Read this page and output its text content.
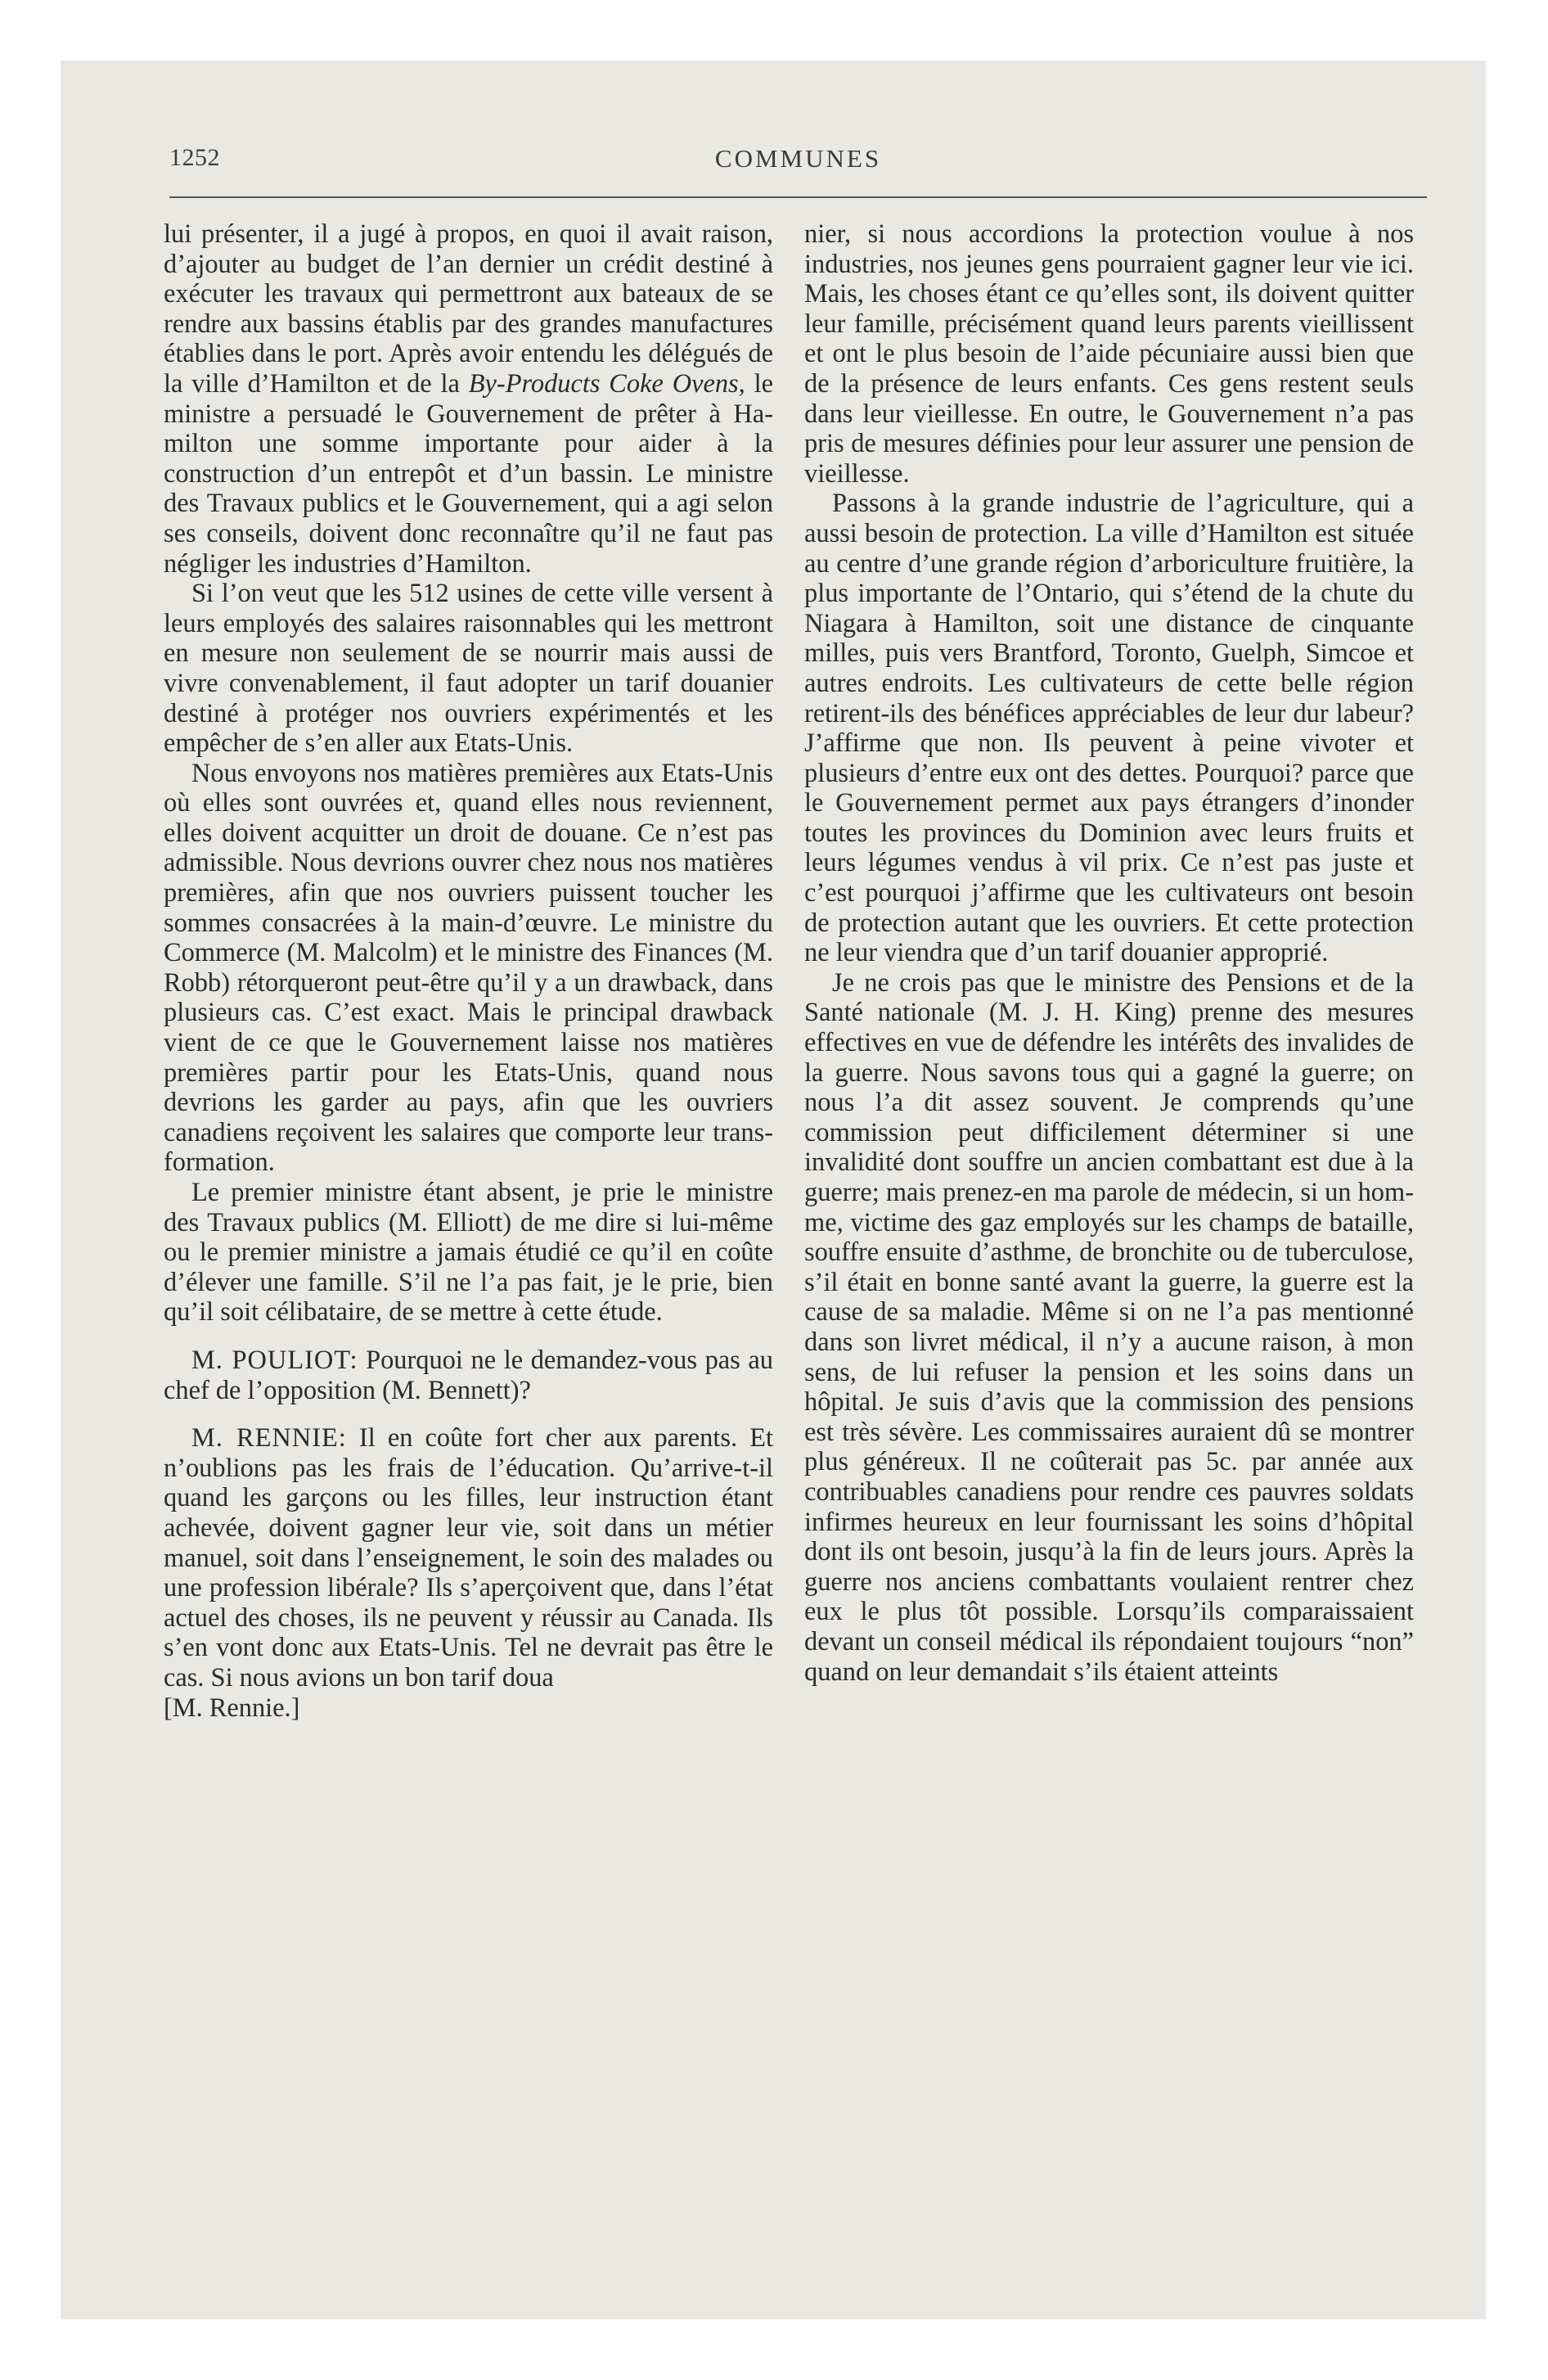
1252	COMMUNES

lui présenter, il a jugé à propos, en quoi il avait raison, d’ajouter au budget de l’an dernier un crédit destiné à exécuter les travaux qui permettront aux bateaux de se rendre aux bassins établis par des grandes manufactures établies dans le port. Après avoir entendu les délégués de la ville d’Hamilton et de la By-Products Coke Ovens, le ministre a persuadé le Gouvernement de prêter à Hamilton une somme importante pour aider à la construction d’un entrepôt et d’un bassin. Le ministre des Travaux publics et le Gouvernement, qui a agi selon ses conseils, doivent donc reconnaître qu’il ne faut pas négliger les industries d’Hamilton.

Si l’on veut que les 512 usines de cette ville versent à leurs employés des salaires raisonnables qui les mettront en mesure non seulement de se nourrir mais aussi de vivre convenablement, il faut adopter un tarif douanier destiné à protéger nos ouvriers expérimentés et les empêcher de s’en aller aux Etats-Unis.

Nous envoyons nos matières premières aux Etats-Unis où elles sont ouvrées et, quand elles nous reviennent, elles doivent acquitter un droit de douane. Ce n’est pas admissible. Nous devrions ouvrer chez nous nos matières premières, afin que nos ouvriers puissent toucher les sommes consacrées à la main-d’œuvre. Le ministre du Commerce (M. Malcolm) et le ministre des Finances (M. Robb) rétorqueront peut-être qu’il y a un drawback, dans plusieurs cas. C’est exact. Mais le principal drawback vient de ce que le Gouvernement laisse nos matières premières partir pour les Etats-Unis, quand nous devrions les garder au pays, afin que les ouvriers canadiens reçoivent les salaires que comporte leur transformation.

Le premier ministre étant absent, je prie le ministre des Travaux publics (M. Elliott) de me dire si lui-même ou le premier ministre a jamais étudié ce qu’il en coûte d’élever une famille. S’il ne l’a pas fait, je le prie, bien qu’il soit célibataire, de se mettre à cette étude.

M. POULIOT: Pourquoi ne le demandez-vous pas au chef de l’opposition (M. Bennett)?

M. RENNIE: Il en coûte fort cher aux parents. Et n’oublions pas les frais de l’éducation. Qu’arrive-t-il quand les garçons ou les filles, leur instruction étant achevée, doivent gagner leur vie, soit dans un métier manuel, soit dans l’enseignement, le soin des malades ou une profession libérale? Ils s’aperçoivent que, dans l’état actuel des choses, ils ne peuvent y réussir au Canada. Ils s’en vont donc aux Etats-Unis. Tel ne devrait pas être le cas. Si nous avions un bon tarif doua

[M. Rennie.]

nier, si nous accordions la protection voulue à nos industries, nos jeunes gens pourraient gagner leur vie ici. Mais, les choses étant ce qu’elles sont, ils doivent quitter leur famille, précisément quand leurs parents vieillissent et ont le plus besoin de l’aide pécuniaire aussi bien que de la présence de leurs enfants. Ces gens restent seuls dans leur vieillesse. En outre, le Gouvernement n’a pas pris de mesures définies pour leur assurer une pension de vieillesse.

Passons à la grande industrie de l’agriculture, qui a aussi besoin de protection. La ville d’Hamilton est située au centre d’une grande région d’arboriculture fruitière, la plus importante de l’Ontario, qui s’étend de la chute du Niagara à Hamilton, soit une distance de cinquante milles, puis vers Brantford, Toronto, Guelph, Simcoe et autres endroits. Les cultivateurs de cette belle région retirent-ils des bénéfices appréciables de leur dur labeur? J’affirme que non. Ils peuvent à peine vivoter et plusieurs d’entre eux ont des dettes. Pourquoi? parce que le Gouvernement permet aux pays étrangers d’inonder toutes les provinces du Dominion avec leurs fruits et leurs légumes vendus à vil prix. Ce n’est pas juste et c’est pourquoi j’affirme que les cultivateurs ont besoin de protection autant que les ouvriers. Et cette protection ne leur viendra que d’un tarif douanier approprié.

Je ne crois pas que le ministre des Pensions et de la Santé nationale (M. J. H. King) prenne des mesures effectives en vue de défendre les intérêts des invalides de la guerre. Nous savons tous qui a gagné la guerre; on nous l’a dit assez souvent. Je comprends qu’une commission peut difficilement déterminer si une invalidité dont souffre un ancien combattant est due à la guerre; mais prenez-en ma parole de médecin, si un homme, victime des gaz employés sur les champs de bataille, souffre ensuite d’asthme, de bronchite ou de tuberculose, s’il était en bonne santé avant la guerre, la guerre est la cause de sa maladie. Même si on ne l’a pas mentionné dans son livret médical, il n’y a aucune raison, à mon sens, de lui refuser la pension et les soins dans un hôpital. Je suis d’avis que la commission des pensions est très sévère. Les commissaires auraient dû se montrer plus généreux. Il ne coûterait pas 5c. par année aux contribuables canadiens pour rendre ces pauvres soldats infirmes heureux en leur fournissant les soins d’hôpital dont ils ont besoin, jusqu’à la fin de leurs jours. Après la guerre nos anciens combattants voulaient rentrer chez eux le plus tôt possible. Lorsqu’ils comparaissaient devant un conseil médical ils répondaient toujours “non” quand on leur demandait s’ils étaient atteints
